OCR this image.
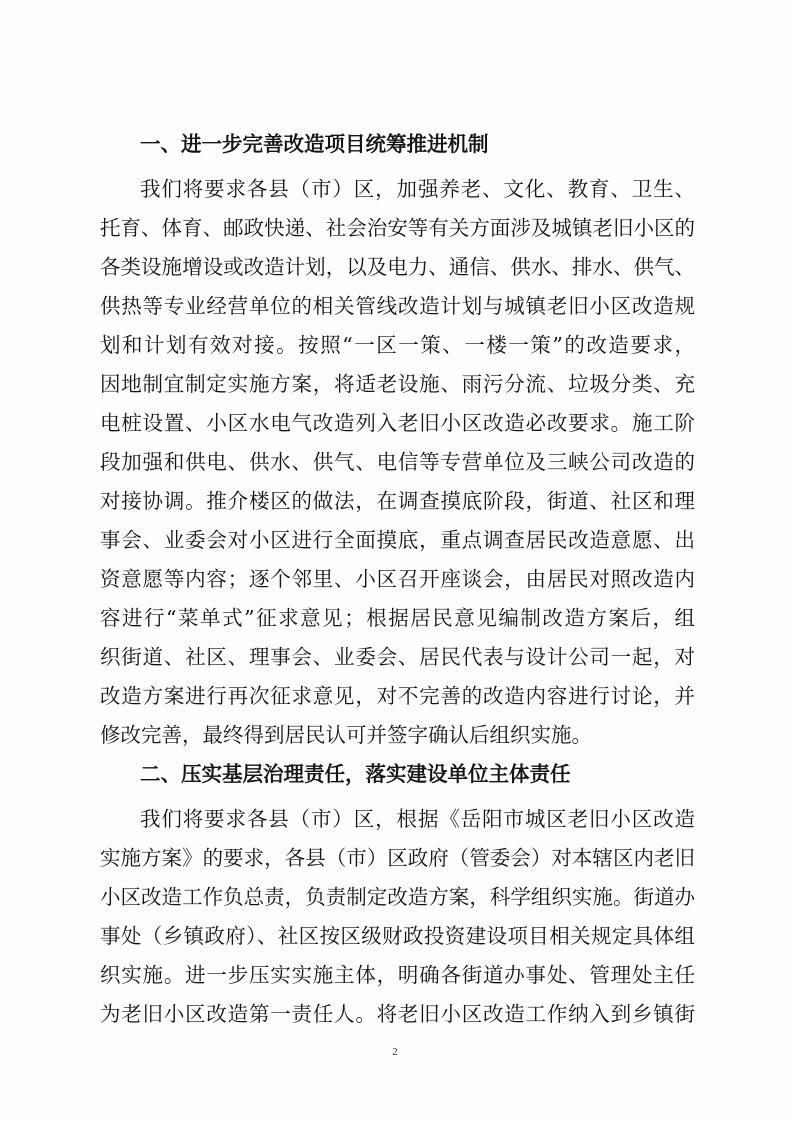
一、进一步完善改造项目统筹推进机制
我们将要求各县（市）区，加强养老、文化、教育、卫生、
托育、体育、邮政快递、社会治安等有关方面涉及城镇老旧小区的
各类设施增设或改造计划，以及电力、通信、供水、排水、供气、
供热等专业经营单位的相关管线改造计划与城镇老旧小区改造规
划和计划有效对接。按照“一区一策、一楼一策”的改造要求，
因地制宜制定实施方案，将适老设施、雨污分流、垃圾分类、充
电桩设置、小区水电气改造列入老旧小区改造必改要求。施工阶
段加强和供电、供水、供气、电信等专营单位及三峡公司改造的
对接协调。推介楼区的做法，在调查摸底阶段，街道、社区和理
事会、业委会对小区进行全面摸底，重点调查居民改造意愿、出
资意愿等内容；逐个邻里、小区召开座谈会，由居民对照改造内
容进行“菜单式”征求意见；根据居民意见编制改造方案后，组
织街道、社区、理事会、业委会、居民代表与设计公司一起，对
改造方案进行再次征求意见，对不完善的改造内容进行讨论，并
修改完善，最终得到居民认可并签字确认后组织实施。
二、压实基层治理责任，落实建设单位主体责任
我们将要求各县（市）区，根据《岳阳市城区老旧小区改造
实施方案》的要求，各县（市）区政府（管委会）对本辖区内老旧
小区改造工作负总责，负责制定改造方案，科学组织实施。街道办
事处（乡镇政府）、社区按区级财政投资建设项目相关规定具体组
织实施。进一步压实实施主体，明确各街道办事处、管理处主任
为老旧小区改造第一责任人。将老旧小区改造工作纳入到乡镇街
2
